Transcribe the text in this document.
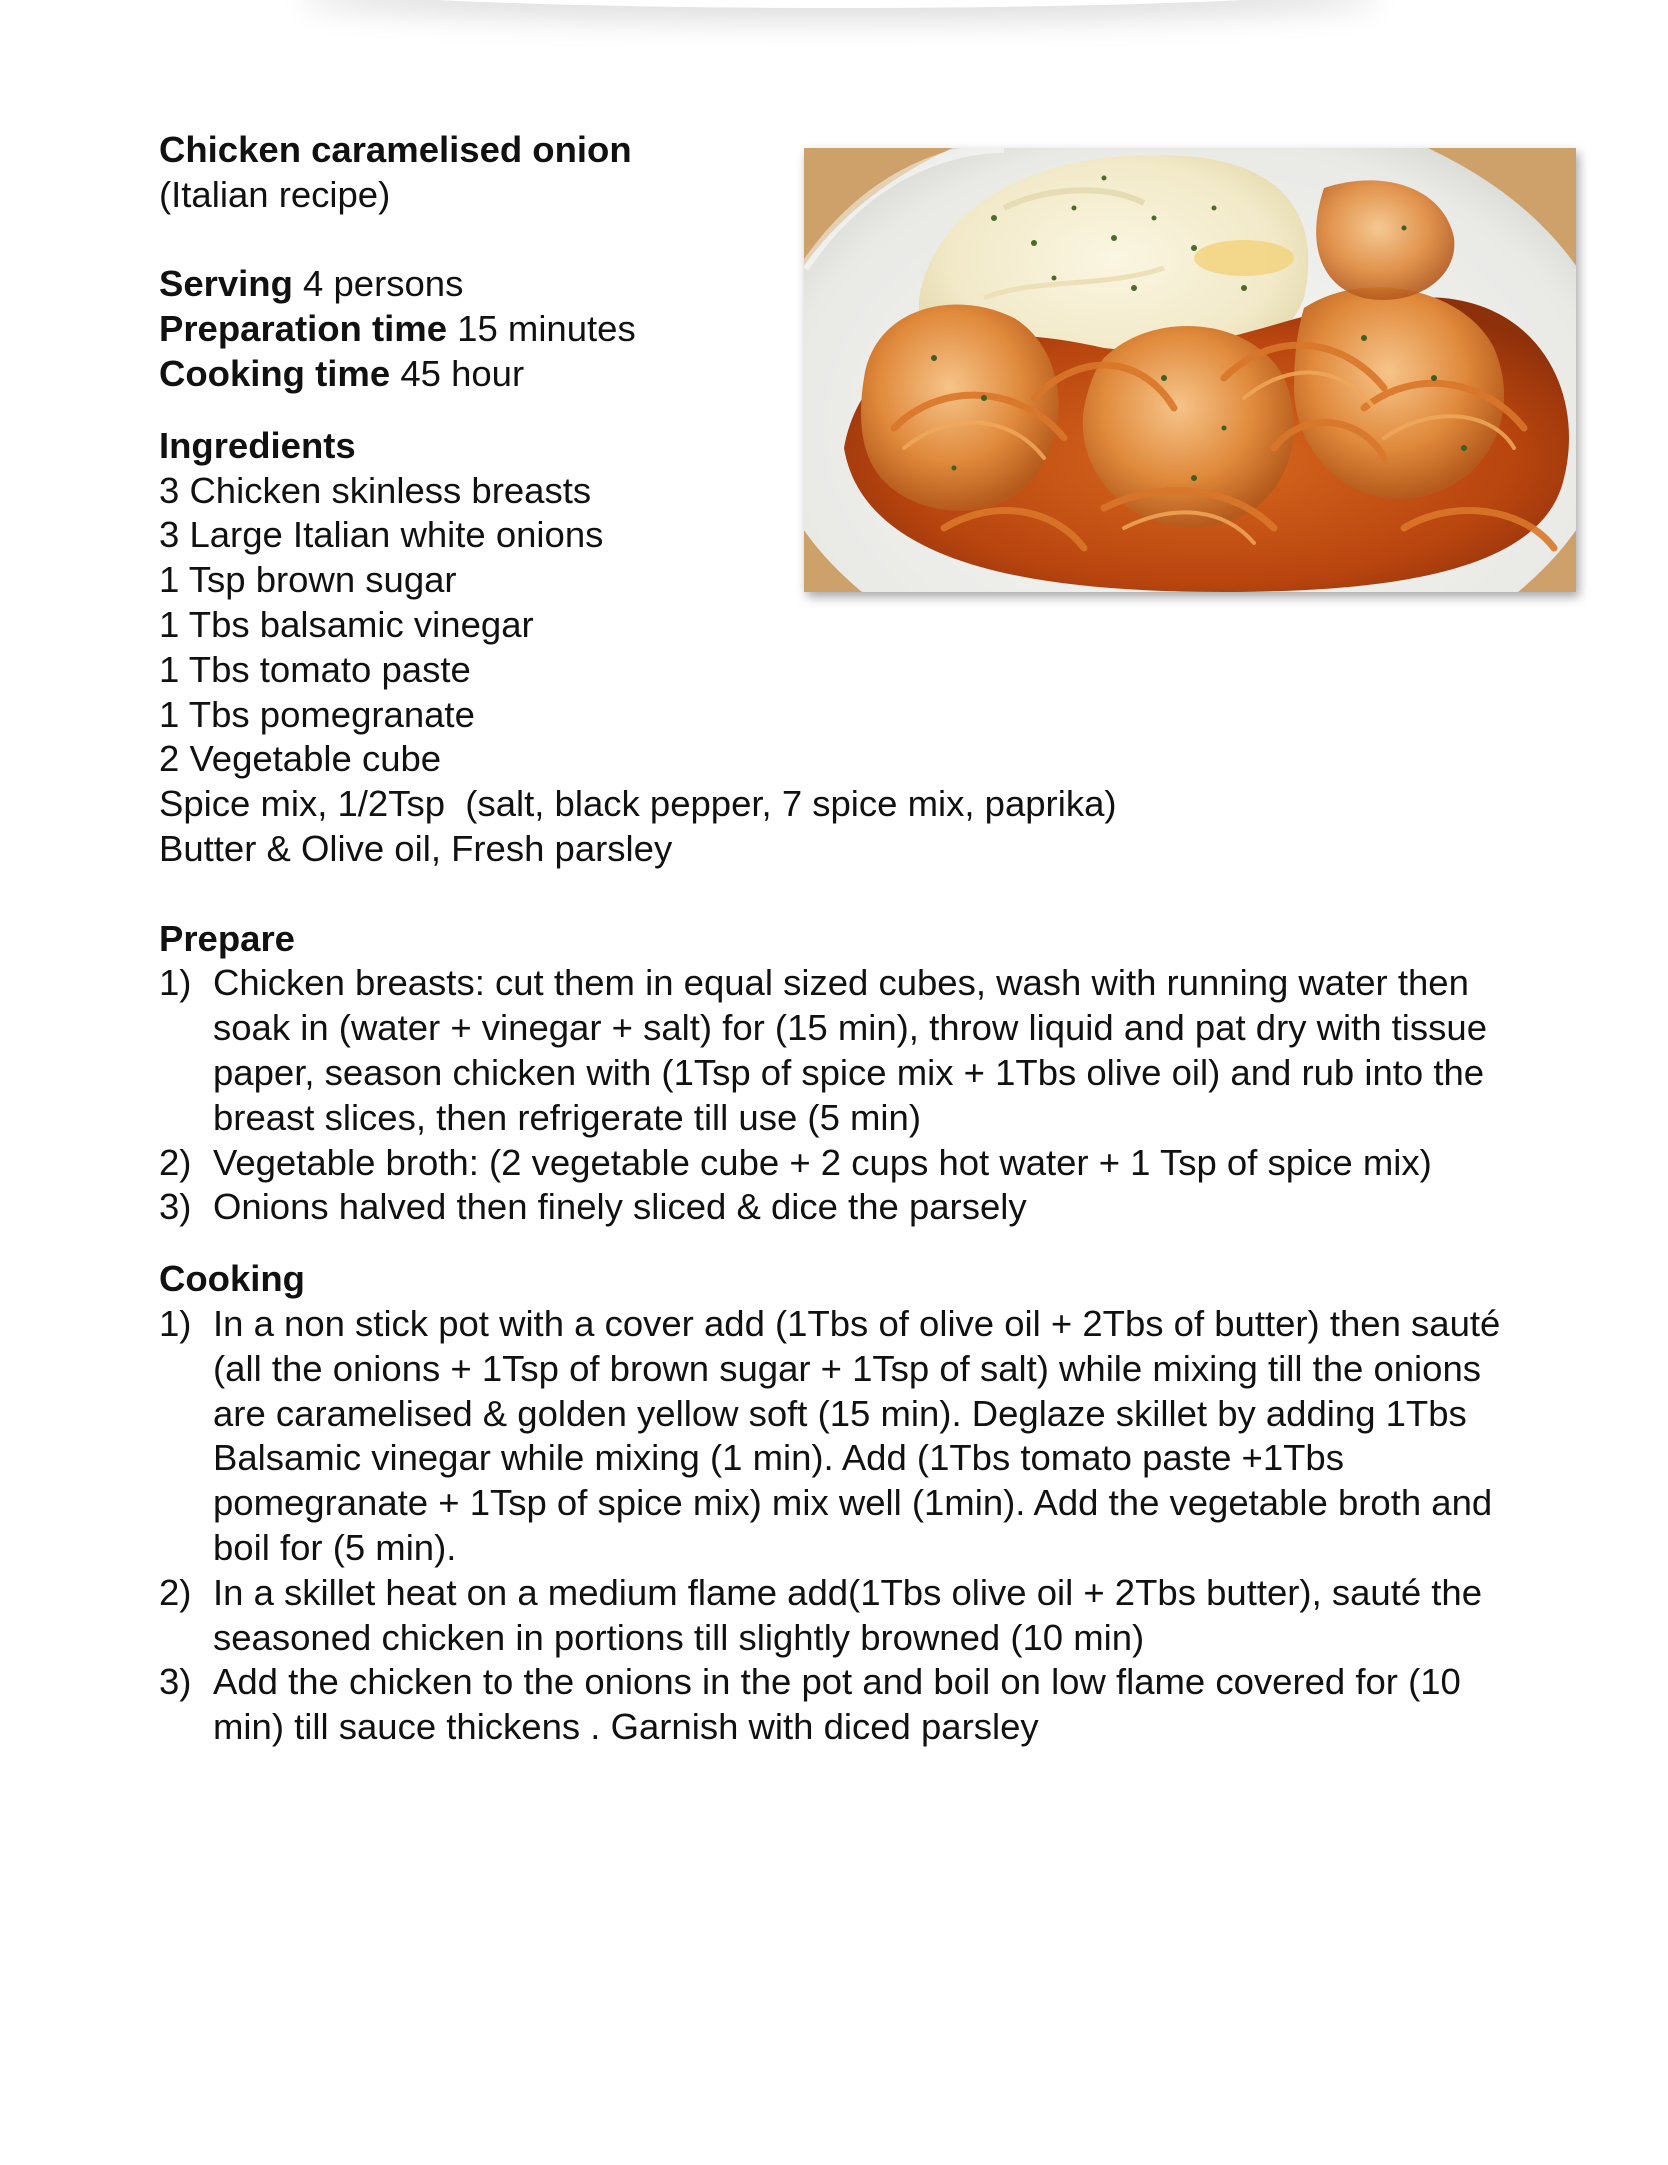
Chicken caramelised onion
(Italian recipe)
Serving 4 persons
Preparation time 15 minutes
Cooking time 45 hour
Ingredients
3 Chicken skinless breasts
3 Large Italian white onions
1 Tsp brown sugar
1 Tbs balsamic vinegar
1 Tbs tomato paste
1 Tbs pomegranate
2 Vegetable cube
Spice mix, 1/2Tsp  (salt, black pepper, 7 spice mix, paprika)
Butter & Olive oil, Fresh parsley
Prepare
1) Chicken breasts: cut them in equal sized cubes, wash with running water then soak in (water + vinegar + salt) for (15 min), throw liquid and pat dry with tissue paper, season chicken with (1Tsp of spice mix + 1Tbs olive oil) and rub into the breast slices, then refrigerate till use (5 min)
2) Vegetable broth: (2 vegetable cube + 2 cups hot water + 1 Tsp of spice mix)
3) Onions halved then finely sliced & dice the parsely
Cooking
1) In a non stick pot with a cover add (1Tbs of olive oil + 2Tbs of butter) then sauté (all the onions + 1Tsp of brown sugar + 1Tsp of salt) while mixing till the onions are caramelised & golden yellow soft (15 min). Deglaze skillet by adding 1Tbs Balsamic vinegar while mixing (1 min). Add (1Tbs tomato paste +1Tbs pomegranate + 1Tsp of spice mix) mix well (1min). Add the vegetable broth and boil for (5 min).
2) In a skillet heat on a medium flame add(1Tbs olive oil + 2Tbs butter), sauté the seasoned chicken in portions till slightly browned (10 min)
3) Add the chicken to the onions in the pot and boil on low flame covered for (10 min) till sauce thickens . Garnish with diced parsley
